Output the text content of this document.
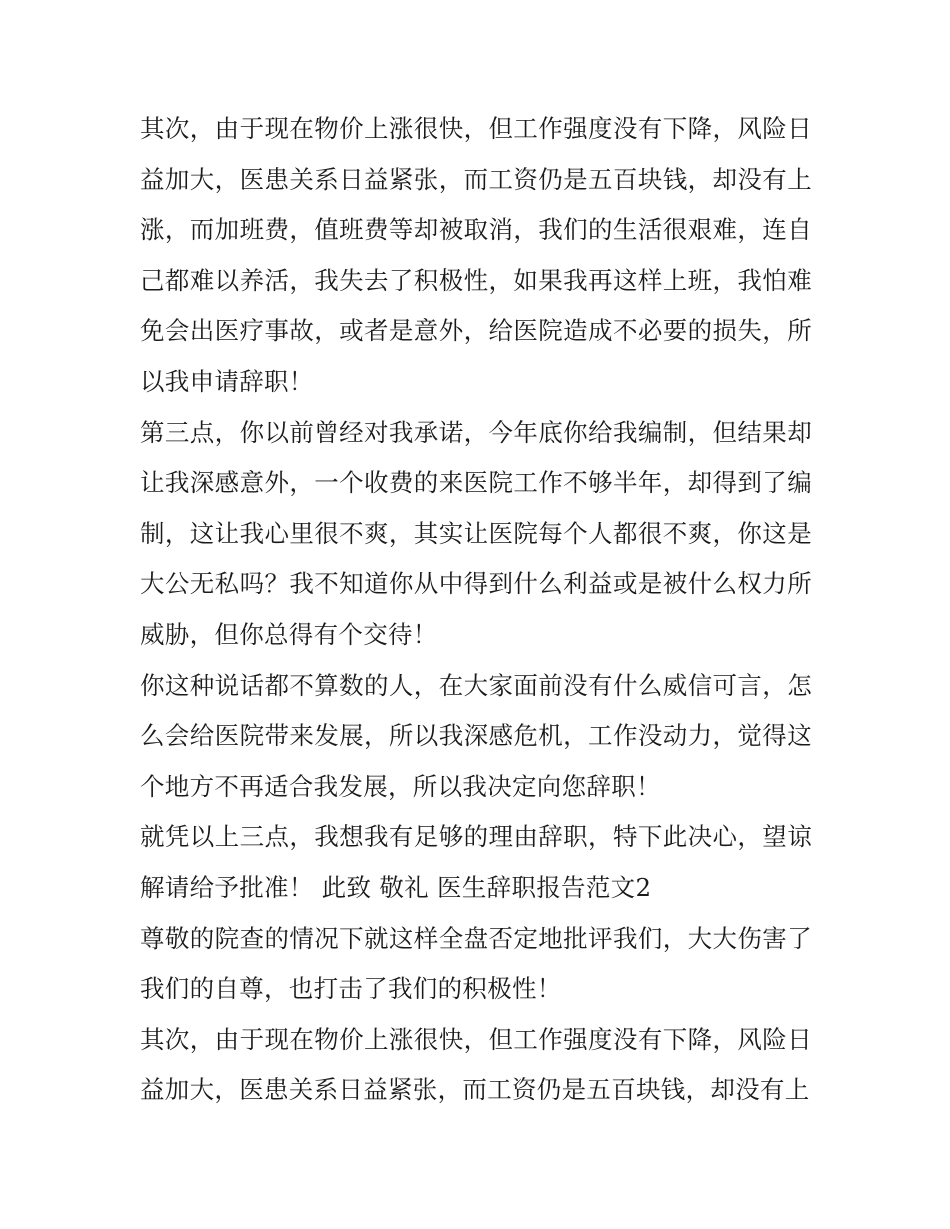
其次，由于现在物价上涨很快，但工作强度没有下降，风险日益加大，医患关系日益紧张，而工资仍是五百块钱，却没有上涨，而加班费，值班费等却被取消，我们的生活很艰难，连自己都难以养活，我失去了积极性，如果我再这样上班，我怕难免会出医疗事故，或者是意外，给医院造成不必要的损失，所以我申请辞职！

第三点，你以前曾经对我承诺，今年底你给我编制，但结果却让我深感意外，一个收费的来医院工作不够半年，却得到了编制，这让我心里很不爽，其实让医院每个人都很不爽，你这是大公无私吗？我不知道你从中得到什么利益或是被什么权力所威胁，但你总得有个交待！

你这种说话都不算数的人，在大家面前没有什么威信可言，怎么会给医院带来发展，所以我深感危机，工作没动力，觉得这个地方不再适合我发展，所以我决定向您辞职！

就凭以上三点，我想我有足够的理由辞职，特下此决心，望谅解请给予批准！ 此致 敬礼 医生辞职报告范文2

尊敬的院查的情况下就这样全盘否定地批评我们，大大伤害了我们的自尊，也打击了我们的积极性！

其次，由于现在物价上涨很快，但工作强度没有下降，风险日益加大，医患关系日益紧张，而工资仍是五百块钱，却没有上
